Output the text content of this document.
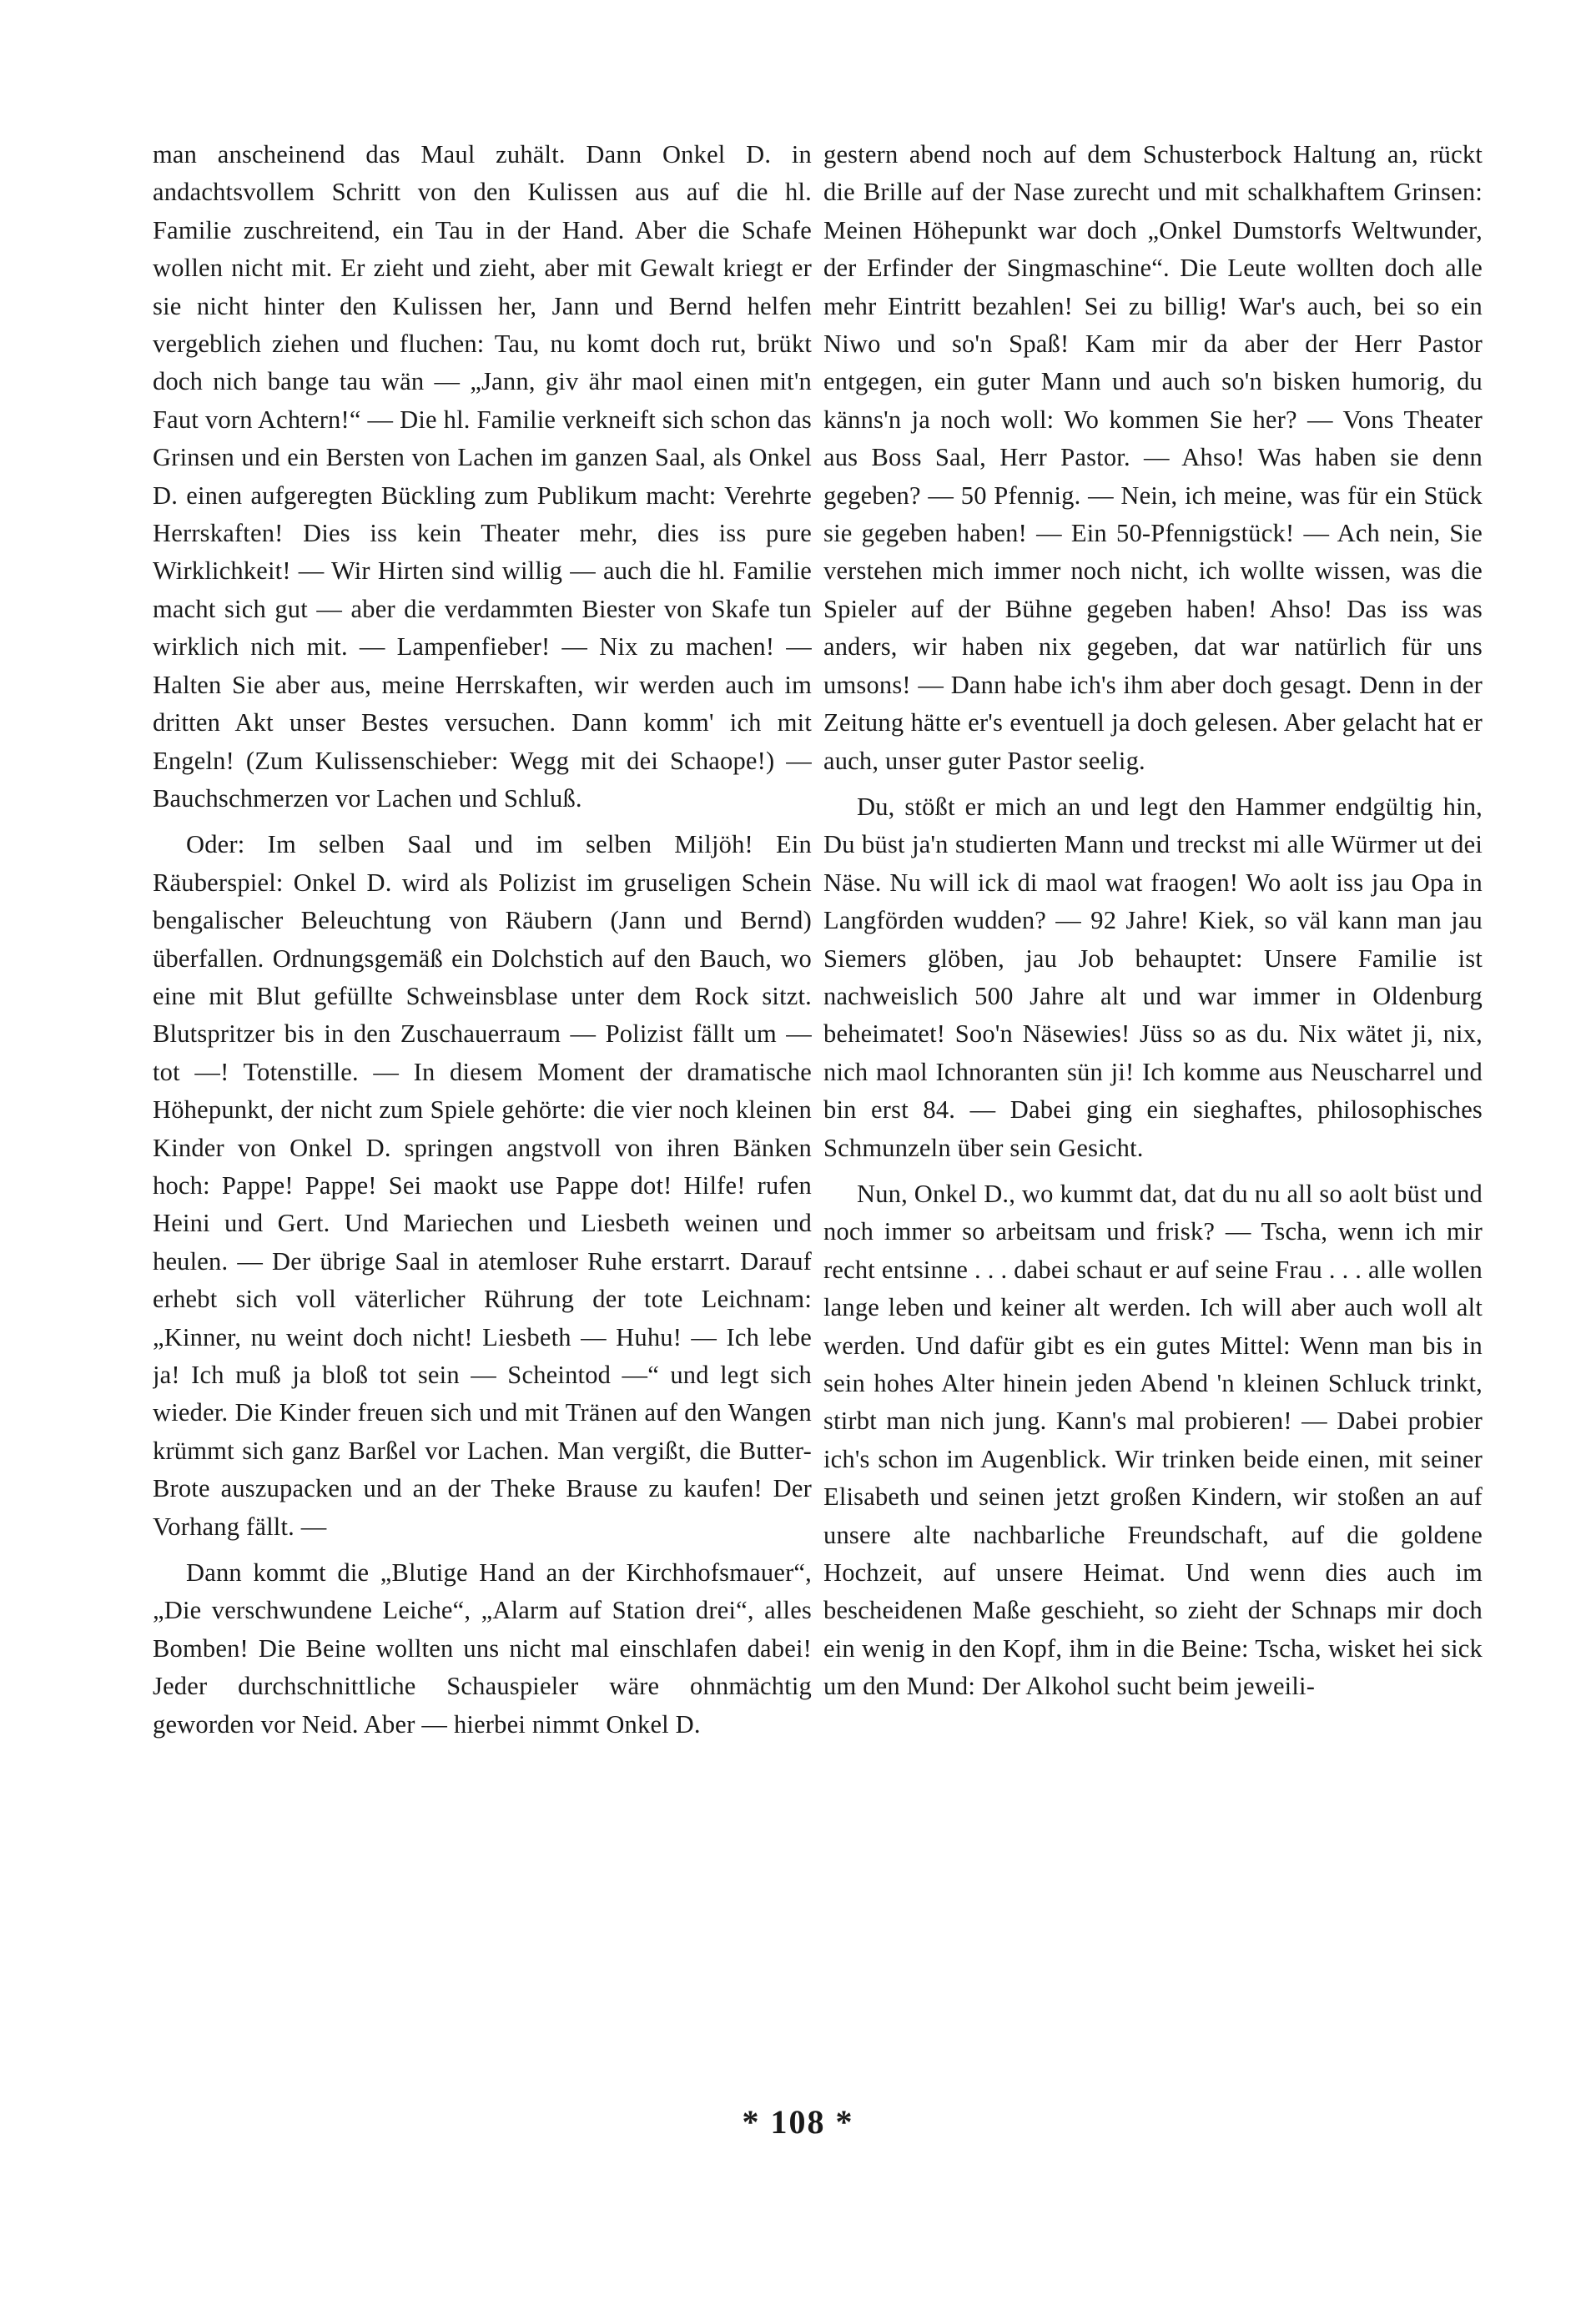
man anscheinend das Maul zuhält. Dann Onkel D. in andachtsvollem Schritt von den Kulissen aus auf die hl. Familie zuschreitend, ein Tau in der Hand. Aber die Schafe wollen nicht mit. Er zieht und zieht, aber mit Gewalt kriegt er sie nicht hinter den Kulissen her, Jann und Bernd helfen vergeblich ziehen und fluchen: Tau, nu komt doch rut, brükt doch nich bange tau wän — „Jann, giv ähr maol einen mit'n Faut vorn Achtern!“ — Die hl. Familie verkneift sich schon das Grinsen und ein Bersten von Lachen im ganzen Saal, als Onkel D. einen aufgeregten Bückling zum Publikum macht: Verehrte Herrskaften! Dies iss kein Theater mehr, dies iss pure Wirklichkeit! — Wir Hirten sind willig — auch die hl. Familie macht sich gut — aber die verdammten Biester von Skafe tun wirklich nich mit. — Lampenfieber! — Nix zu machen! — Halten Sie aber aus, meine Herrskaften, wir werden auch im dritten Akt unser Bestes versuchen. Dann komm' ich mit Engeln! (Zum Kulissenschieber: Wegg mit dei Schaope!) — Bauchschmerzen vor Lachen und Schluß.

Oder: Im selben Saal und im selben Miljöh! Ein Räuberspiel: Onkel D. wird als Polizist im gruseligen Schein bengalischer Beleuchtung von Räubern (Jann und Bernd) überfallen. Ordnungsgemäß ein Dolchstich auf den Bauch, wo eine mit Blut gefüllte Schweinsblase unter dem Rock sitzt. Blutspritzer bis in den Zuschauerraum — Polizist fällt um — tot —! Totenstille. — In diesem Moment der dramatische Höhepunkt, der nicht zum Spiele gehörte: die vier noch kleinen Kinder von Onkel D. springen angstvoll von ihren Bänken hoch: Pappe! Pappe! Sei maokt use Pappe dot! Hilfe! rufen Heini und Gert. Und Mariechen und Liesbeth weinen und heulen. — Der übrige Saal in atemloser Ruhe erstarrt. Darauf erhebt sich voll väterlicher Rührung der tote Leichnam: „Kinner, nu weint doch nicht! Liesbeth — Huhu! — Ich lebe ja! Ich muß ja bloß tot sein — Scheintod —“ und legt sich wieder. Die Kinder freuen sich und mit Tränen auf den Wangen krümmt sich ganz Barßel vor Lachen. Man vergißt, die Butter-Brote auszupacken und an der Theke Brause zu kaufen! Der Vorhang fällt. —

Dann kommt die „Blutige Hand an der Kirchhofsmauer“, „Die verschwundene Leiche“, „Alarm auf Station drei“, alles Bomben! Die Beine wollten uns nicht mal einschlafen dabei! Jeder durchschnittliche Schauspieler wäre ohnmächtig geworden vor Neid. Aber — hierbei nimmt Onkel D.

gestern abend noch auf dem Schusterbock Haltung an, rückt die Brille auf der Nase zurecht und mit schalkhaftem Grinsen: Meinen Höhepunkt war doch „Onkel Dumstorfs Weltwunder, der Erfinder der Singmaschine“. Die Leute wollten doch alle mehr Eintritt bezahlen! Sei zu billig! War's auch, bei so ein Niwo und so'n Spaß! Kam mir da aber der Herr Pastor entgegen, ein guter Mann und auch so'n bisken humorig, du känns'n ja noch woll: Wo kommen Sie her? — Vons Theater aus Boss Saal, Herr Pastor. — Ahso! Was haben sie denn gegeben? — 50 Pfennig. — Nein, ich meine, was für ein Stück sie gegeben haben! — Ein 50-Pfennigstück! — Ach nein, Sie verstehen mich immer noch nicht, ich wollte wissen, was die Spieler auf der Bühne gegeben haben! Ahso! Das iss was anders, wir haben nix gegeben, dat war natürlich für uns umsons! — Dann habe ich's ihm aber doch gesagt. Denn in der Zeitung hätte er's eventuell ja doch gelesen. Aber gelacht hat er auch, unser guter Pastor seelig.

Du, stößt er mich an und legt den Hammer endgültig hin, Du büst ja'n studierten Mann und treckst mi alle Würmer ut dei Näse. Nu will ick di maol wat fraogen! Wo aolt iss jau Opa in Langförden wudden? — 92 Jahre! Kiek, so väl kann man jau Siemers glöben, jau Job behauptet: Unsere Familie ist nachweislich 500 Jahre alt und war immer in Oldenburg beheimatet! Soo'n Näsewies! Jüss so as du. Nix wätet ji, nix, nich maol Ichnoranten sün ji! Ich komme aus Neuscharrel und bin erst 84. — Dabei ging ein sieghaftes, philosophisches Schmunzeln über sein Gesicht.

Nun, Onkel D., wo kummt dat, dat du nu all so aolt büst und noch immer so arbeitsam und frisk? — Tscha, wenn ich mir recht entsinne . . . dabei schaut er auf seine Frau . . . alle wollen lange leben und keiner alt werden. Ich will aber auch woll alt werden. Und dafür gibt es ein gutes Mittel: Wenn man bis in sein hohes Alter hinein jeden Abend 'n kleinen Schluck trinkt, stirbt man nich jung. Kann's mal probieren! — Dabei probier ich's schon im Augenblick. Wir trinken beide einen, mit seiner Elisabeth und seinen jetzt großen Kindern, wir stoßen an auf unsere alte nachbarliche Freundschaft, auf die goldene Hochzeit, auf unsere Heimat. Und wenn dies auch im bescheidenen Maße geschieht, so zieht der Schnaps mir doch ein wenig in den Kopf, ihm in die Beine: Tscha, wisket hei sick um den Mund: Der Alkohol sucht beim jeweili-

* 108 *
